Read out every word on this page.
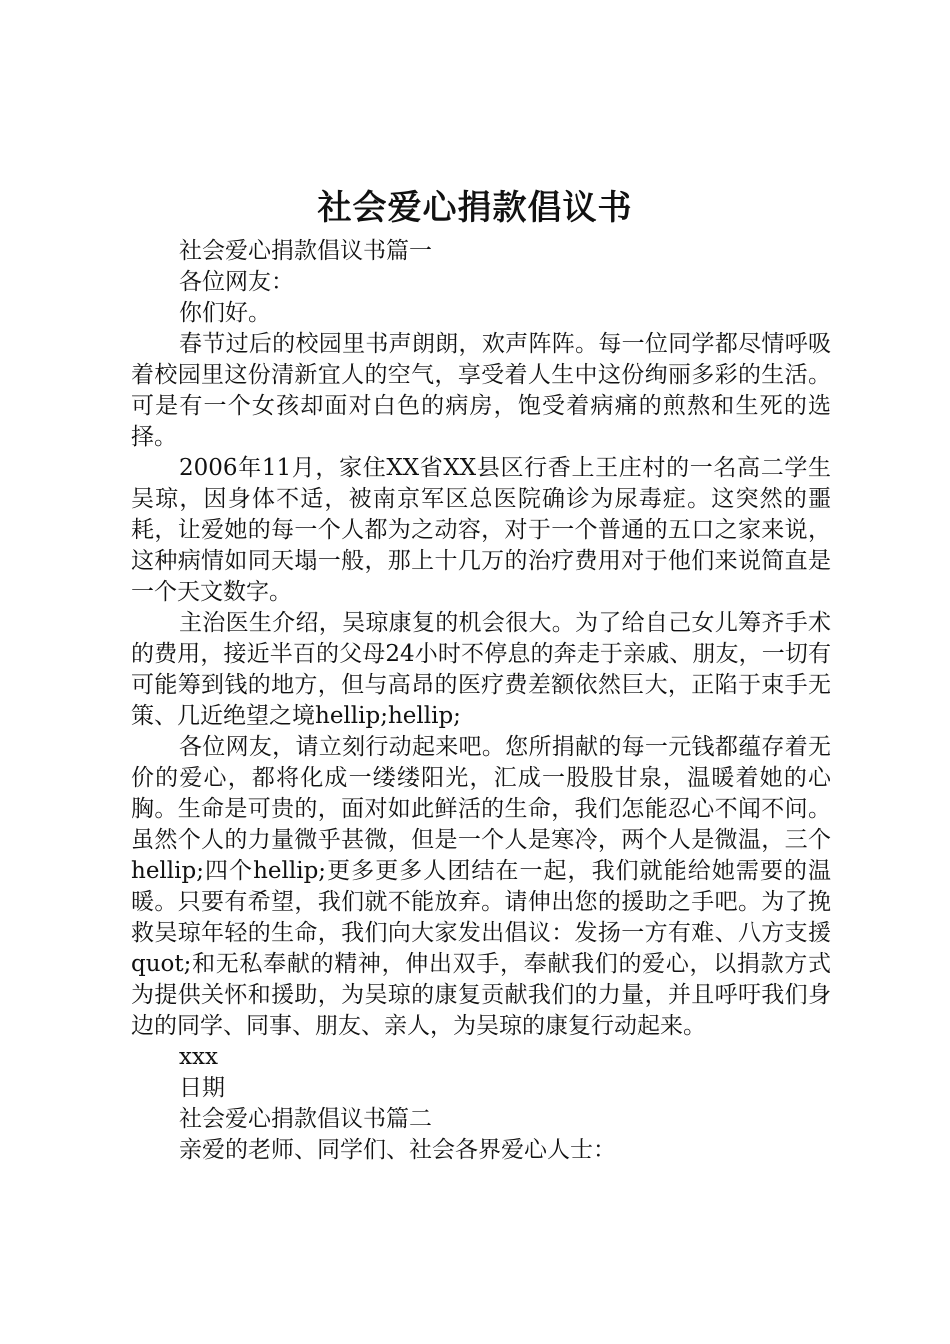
社会爱心捐款倡议书

社会爱心捐款倡议书篇一

各位网友：

你们好。

春节过后的校园里书声朗朗，欢声阵阵。每一位同学都尽情呼吸着校园里这份清新宜人的空气，享受着人生中这份绚丽多彩的生活。可是有一个女孩却面对白色的病房，饱受着病痛的煎熬和生死的选择。

2006年11月，家住XX省XX县区行香上王庄村的一名高二学生吴琼，因身体不适，被南京军区总医院确诊为尿毒症。这突然的噩耗，让爱她的每一个人都为之动容，对于一个普通的五口之家来说，这种病情如同天塌一般，那上十几万的治疗费用对于他们来说简直是一个天文数字。

主治医生介绍，吴琼康复的机会很大。为了给自己女儿筹齐手术的费用，接近半百的父母24小时不停息的奔走于亲戚、朋友，一切有可能筹到钱的地方，但与高昂的医疗费差额依然巨大，正陷于束手无策、几近绝望之境hellip;hellip;

各位网友，请立刻行动起来吧。您所捐献的每一元钱都蕴存着无价的爱心，都将化成一缕缕阳光，汇成一股股甘泉，温暖着她的心胸。生命是可贵的，面对如此鲜活的生命，我们怎能忍心不闻不问。虽然个人的力量微乎甚微，但是一个人是寒冷，两个人是微温，三个hellip;四个hellip;更多更多人团结在一起，我们就能给她需要的温暖。只要有希望，我们就不能放弃。请伸出您的援助之手吧。为了挽救吴琼年轻的生命，我们向大家发出倡议：发扬一方有难、八方支援quot;和无私奉献的精神，伸出双手，奉献我们的爱心，以捐款方式为提供关怀和援助，为吴琼的康复贡献我们的力量，并且呼吁我们身边的同学、同事、朋友、亲人，为吴琼的康复行动起来。

xxx

日期

社会爱心捐款倡议书篇二

亲爱的老师、同学们、社会各界爱心人士：
